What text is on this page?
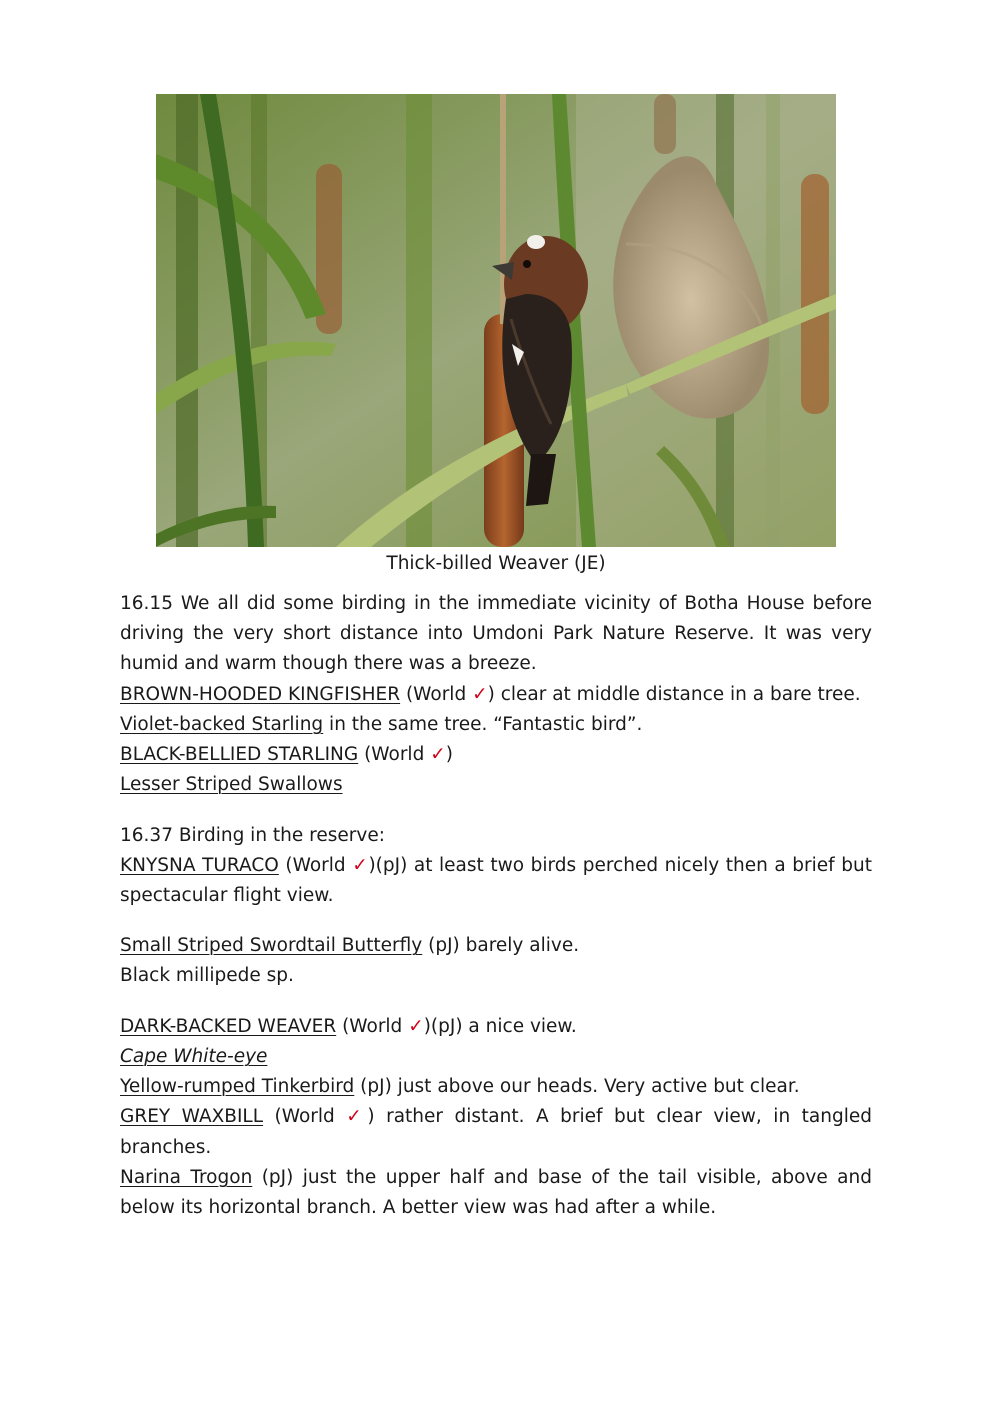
Thick-billed Weaver (JE)

16.15 We all did some birding in the immediate vicinity of Botha House before driving the very short distance into Umdoni Park Nature Reserve. It was very humid and warm though there was a breeze.

BROWN-HOODED KINGFISHER (World ✓) clear at middle distance in a bare tree.

Violet-backed Starling in the same tree. “Fantastic bird”.

BLACK-BELLIED STARLING (World ✓)

Lesser Striped Swallows

16.37 Birding in the reserve:

KNYSNA TURACO (World ✓)(pJ) at least two birds perched nicely then a brief but spectacular flight view.

Small Striped Swordtail Butterfly (pJ) barely alive.

Black millipede sp.

DARK-BACKED WEAVER (World ✓)(pJ) a nice view.

Cape White-eye

Yellow-rumped Tinkerbird (pJ) just above our heads. Very active but clear.

GREY WAXBILL (World ✓) rather distant. A brief but clear view, in tangled branches.

Narina Trogon (pJ) just the upper half and base of the tail visible, above and below its horizontal branch. A better view was had after a while.
